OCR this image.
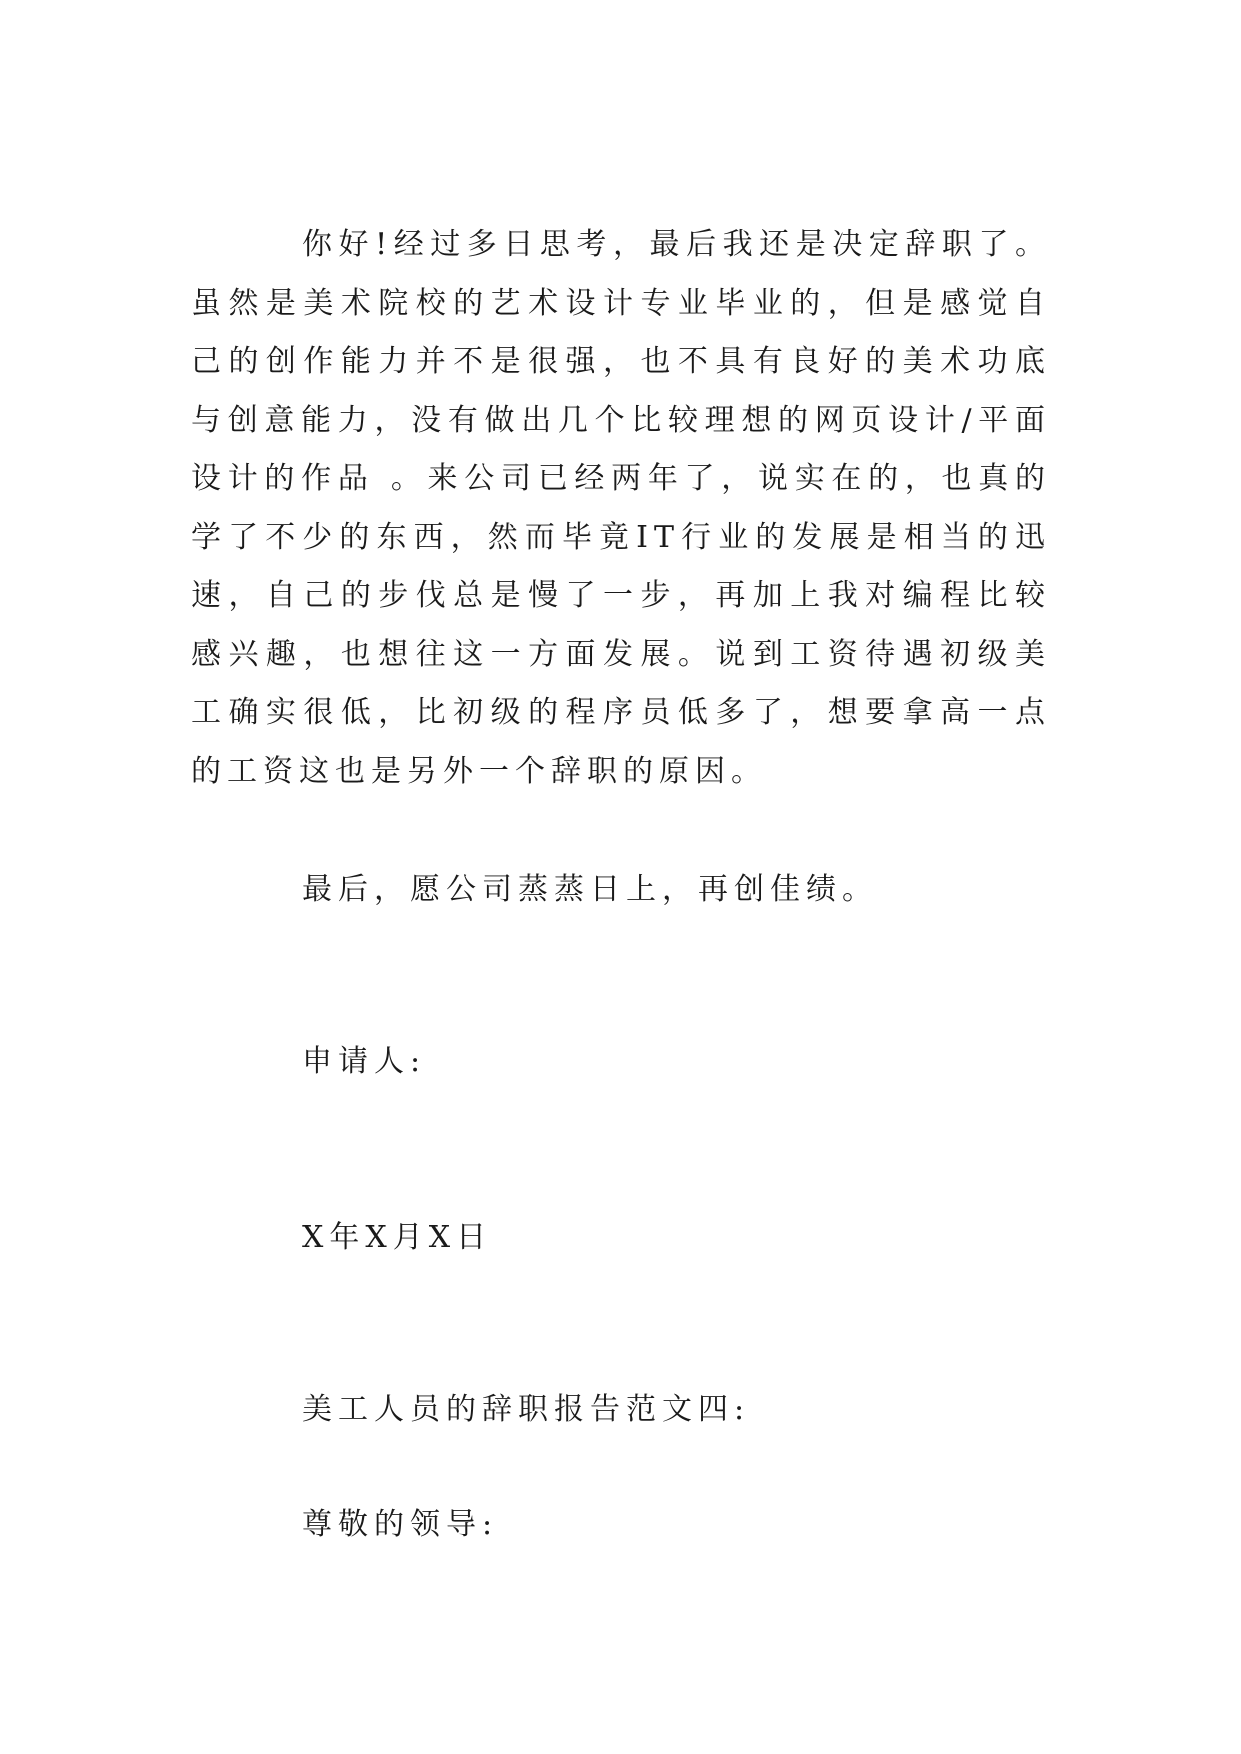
你好!经过多日思考，最后我还是决定辞职了。虽然是美术院校的艺术设计专业毕业的，但是感觉自己的创作能力并不是很强，也不具有良好的美术功底与创意能力，没有做出几个比较理想的网页设计/平面设计的作品 。来公司已经两年了，说实在的，也真的学了不少的东西，然而毕竟IT行业的发展是相当的迅速，自己的步伐总是慢了一步，再加上我对编程比较感兴趣，也想往这一方面发展。说到工资待遇初级美工确实很低，比初级的程序员低多了，想要拿高一点的工资这也是另外一个辞职的原因。

最后，愿公司蒸蒸日上，再创佳绩。

申请人:

X年X月X日

美工人员的辞职报告范文四:

尊敬的领导:
